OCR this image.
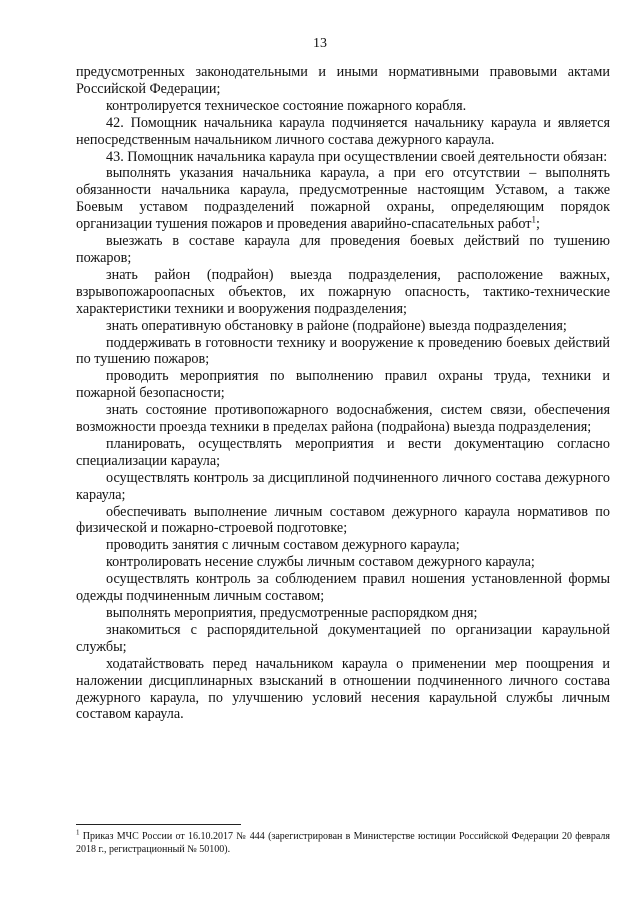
13

предусмотренных законодательными и иными нормативными правовыми актами Российской Федерации;

контролируется техническое состояние пожарного корабля.

42. Помощник начальника караула подчиняется начальнику караула и является непосредственным начальником личного состава дежурного караула.

43. Помощник начальника караула при осуществлении своей деятельности обязан:

выполнять указания начальника караула, а при его отсутствии – выполнять обязанности начальника караула, предусмотренные настоящим Уставом, а также Боевым уставом подразделений пожарной охраны, определяющим порядок организации тушения пожаров и проведения аварийно-спасательных работ$^1$;

выезжать в составе караула для проведения боевых действий по тушению пожаров;

знать район (подрайон) выезда подразделения, расположение важных, взрывопожароопасных объектов, их пожарную опасность, тактико-технические характеристики техники и вооружения подразделения;

знать оперативную обстановку в районе (подрайоне) выезда подразделения;

поддерживать в готовности технику и вооружение к проведению боевых действий по тушению пожаров;

проводить мероприятия по выполнению правил охраны труда, техники и пожарной безопасности;

знать состояние противопожарного водоснабжения, систем связи, обеспечения возможности проезда техники в пределах района (подрайона) выезда подразделения;

планировать, осуществлять мероприятия и вести документацию согласно специализации караула;

осуществлять контроль за дисциплиной подчиненного личного состава дежурного караула;

обеспечивать выполнение личным составом дежурного караула нормативов по физической и пожарно-строевой подготовке;

проводить занятия с личным составом дежурного караула;

контролировать несение службы личным составом дежурного караула;

осуществлять контроль за соблюдением правил ношения установленной формы одежды подчиненным личным составом;

выполнять мероприятия, предусмотренные распорядком дня;

знакомиться с распорядительной документацией по организации караульной службы;

ходатайствовать перед начальником караула о применении мер поощрения и наложении дисциплинарных взысканий в отношении подчиненного личного состава дежурного караула, по улучшению условий несения караульной службы личным составом караула.

$^1$ Приказ МЧС России от 16.10.2017 № 444 (зарегистрирован в Министерстве юстиции Российской Федерации 20 февраля 2018 г., регистрационный № 50100).
